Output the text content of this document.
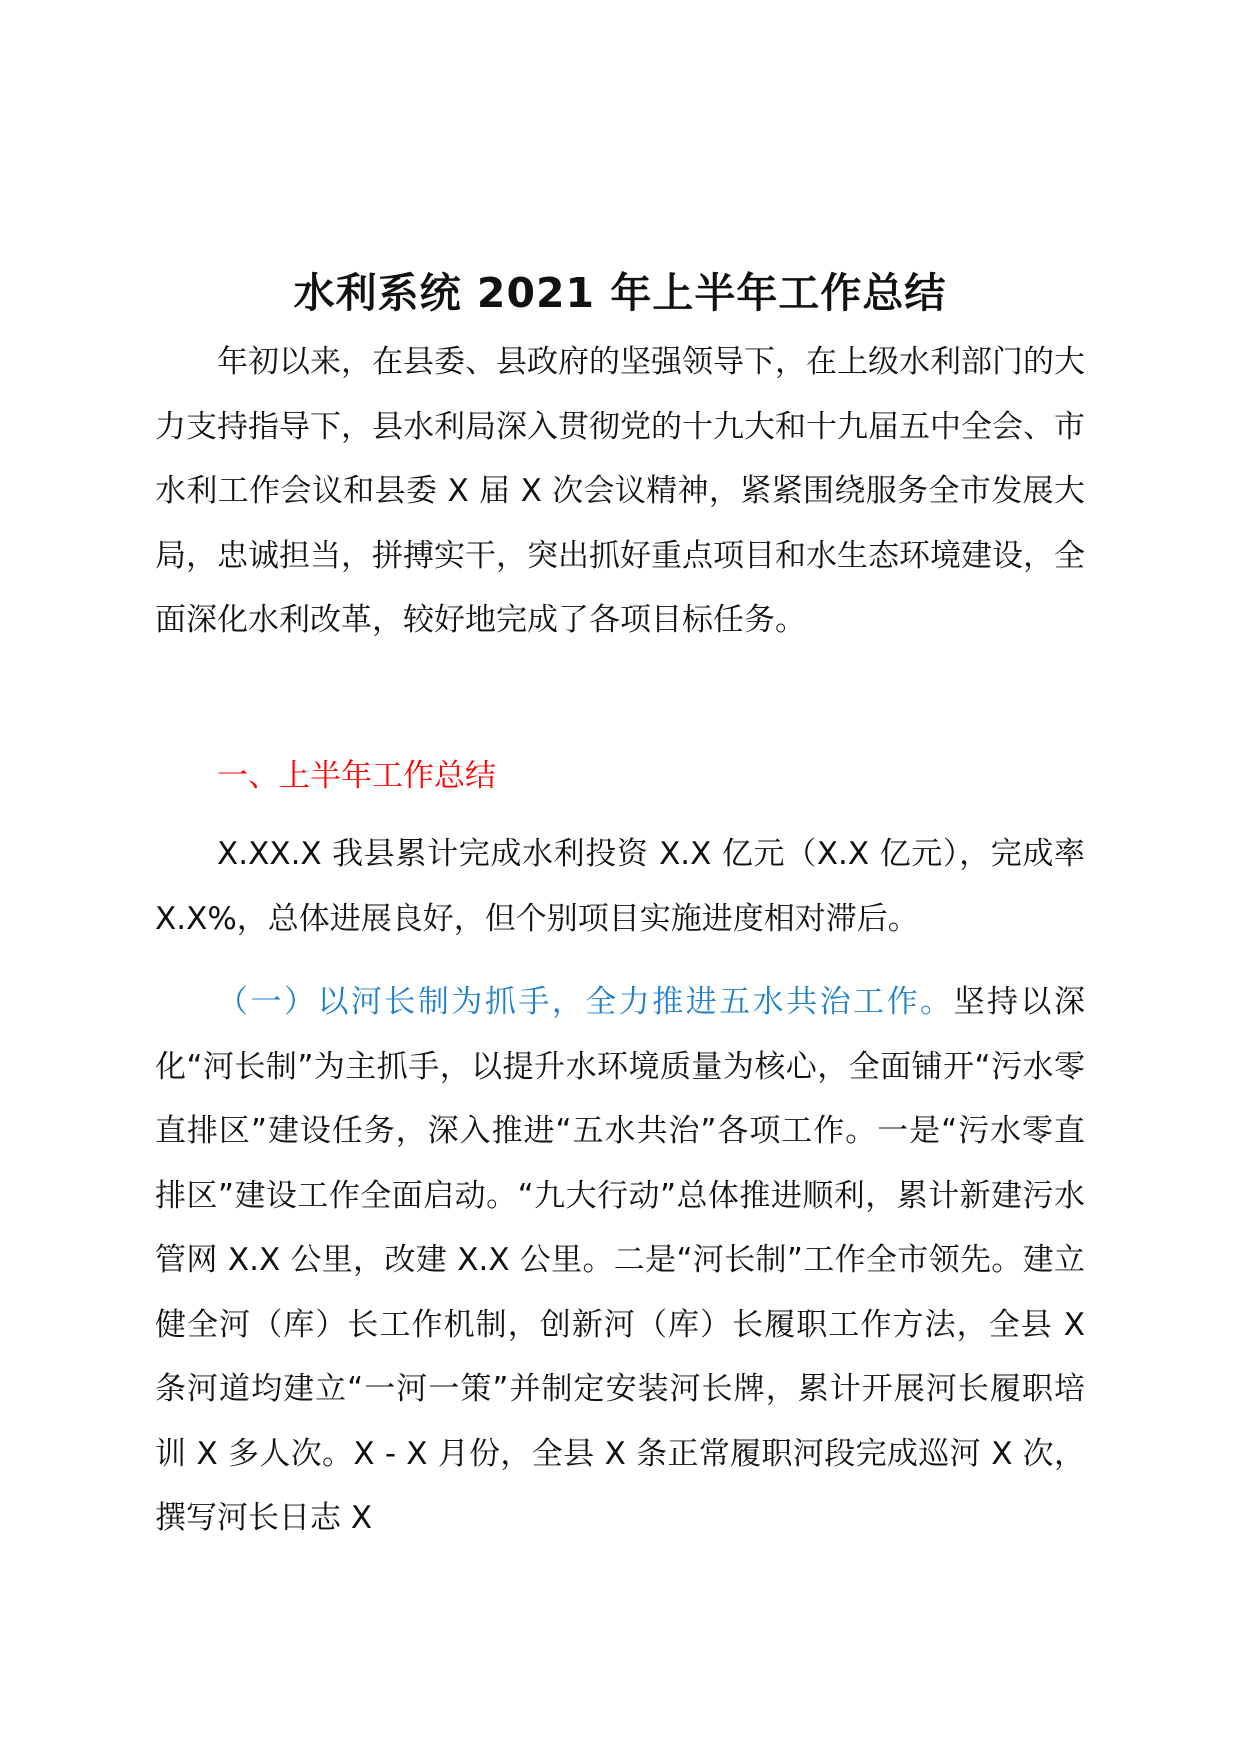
水利系统 2021 年上半年工作总结

年初以来，在县委、县政府的坚强领导下，在上级水利部门的大力支持指导下，县水利局深入贯彻党的十九大和十九届五中全会、市水利工作会议和县委 X 届 X 次会议精神，紧紧围绕服务全市发展大局，忠诚担当，拼搏实干，突出抓好重点项目和水生态环境建设，全面深化水利改革，较好地完成了各项目标任务。

一、上半年工作总结

X.XX.X 我县累计完成水利投资 X.X 亿元（X.X 亿元），完成率 X.X%，总体进展良好，但个别项目实施进度相对滞后。

（一）以河长制为抓手，全力推进五水共治工作。坚持以深化“河长制”为主抓手，以提升水环境质量为核心，全面铺开“污水零直排区”建设任务，深入推进“五水共治”各项工作。一是“污水零直排区”建设工作全面启动。“九大行动”总体推进顺利，累计新建污水管网 X.X 公里，改建 X.X 公里。二是“河长制”工作全市领先。建立健全河（库）长工作机制，创新河（库）长履职工作方法，全县 X 条河道均建立“一河一策”并制定安装河长牌，累计开展河长履职培训 X 多人次。X - X 月份，全县 X 条正常履职河段完成巡河 X 次，撰写河长日志 X
